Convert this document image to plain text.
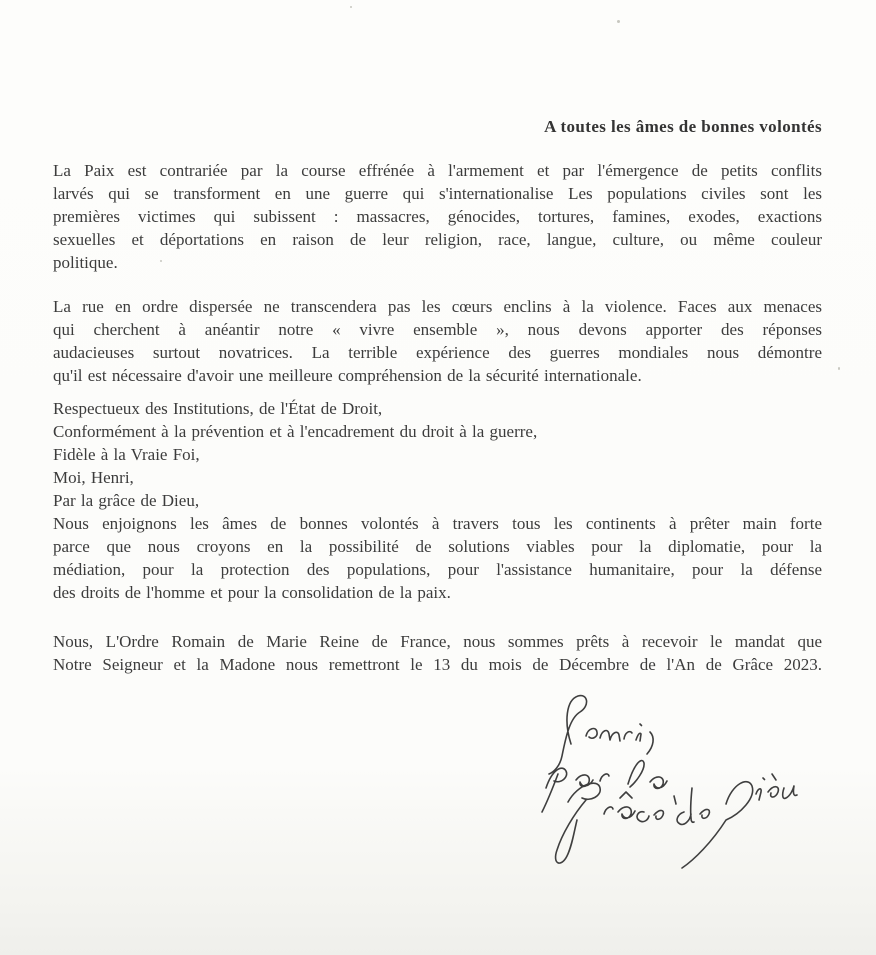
A toutes les âmes de bonnes volontés
La Paix est contrariée par la course effrénée à l'armement et par l'émergence de petits conflits
larvés qui se transforment en une guerre qui s'internationalise Les populations civiles sont les
premières victimes qui subissent : massacres, génocides, tortures, famines, exodes, exactions
sexuelles et déportations en raison de leur religion, race, langue, culture, ou même couleur
politique.
La rue en ordre dispersée ne transcendera pas les cœurs enclins à la violence. Faces aux menaces
qui cherchent à anéantir notre « vivre ensemble », nous devons apporter des réponses
audacieuses surtout novatrices. La terrible expérience des guerres mondiales nous démontre
qu'il est nécessaire d'avoir une meilleure compréhension de la sécurité internationale.
Respectueux des Institutions, de l'État de Droit,
Conformément à la prévention et à l'encadrement du droit à la guerre,
Fidèle à la Vraie Foi,
Moi, Henri,
Par la grâce de Dieu,
Nous enjoignons les âmes de bonnes volontés à travers tous les continents à prêter main forte
parce que nous croyons en la possibilité de solutions viables pour la diplomatie, pour la
médiation, pour la protection des populations, pour l'assistance humanitaire, pour la défense
des droits de l'homme et pour la consolidation de la paix.
Nous, L'Ordre Romain de Marie Reine de France, nous sommes prêts à recevoir le mandat que
Notre Seigneur et la Madone nous remettront le 13 du mois de Décembre de l'An de Grâce 2023.
